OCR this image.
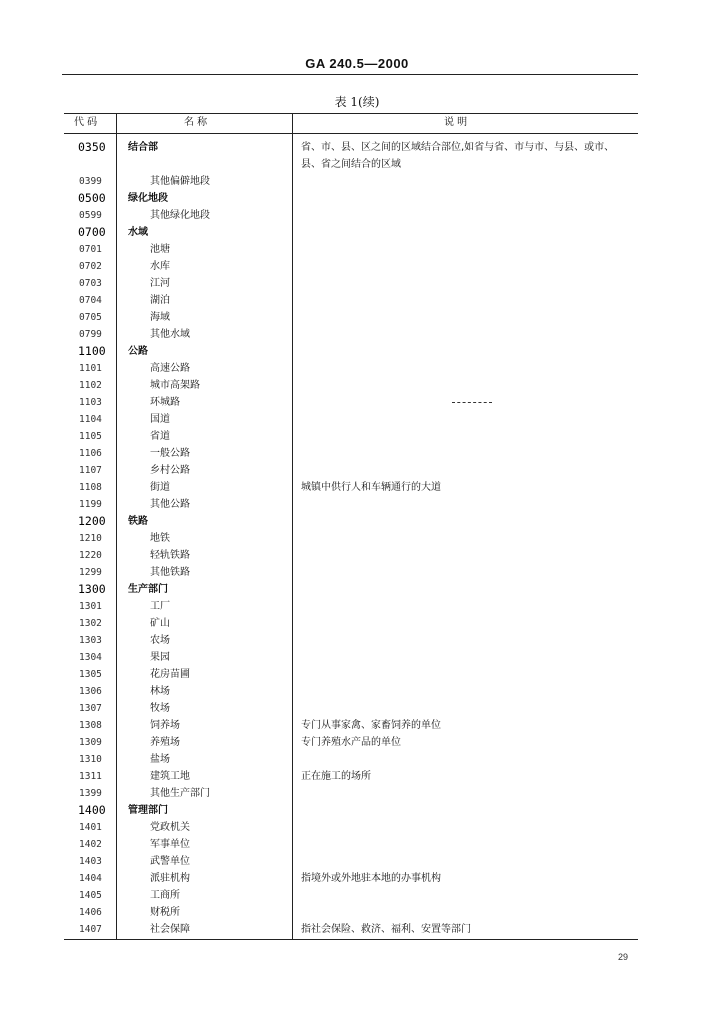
GA 240.5—2000
表 1(续)
代 码	名 称	说 明
0350	结合部	省、市、县、区之间的区域结合部位,如省与省、市与市、与县、或市、县、省之间结合的区域
0399	其他偏僻地段
0500	绿化地段
0599	其他绿化地段
0700	水域
0701	池塘
0702	水库
0703	江河
0704	湖泊
0705	海域
0799	其他水域
1100	公路
1101	高速公路
1102	城市高架路
1103	环城路
1104	国道
1105	省道
1106	一般公路
1107	乡村公路
1108	街道	城镇中供行人和车辆通行的大道
1199	其他公路
1200	铁路
1210	地铁
1220	轻轨铁路
1299	其他铁路
1300	生产部门
1301	工厂
1302	矿山
1303	农场
1304	果园
1305	花房苗圃
1306	林场
1307	牧场
1308	饲养场	专门从事家禽、家畜饲养的单位
1309	养殖场	专门养殖水产品的单位
1310	盐场
1311	建筑工地	正在施工的场所
1399	其他生产部门
1400	管理部门
1401	党政机关
1402	军事单位
1403	武警单位
1404	派驻机构	指境外或外地驻本地的办事机构
1405	工商所
1406	财税所
1407	社会保障	指社会保险、救济、福利、安置等部门
29
